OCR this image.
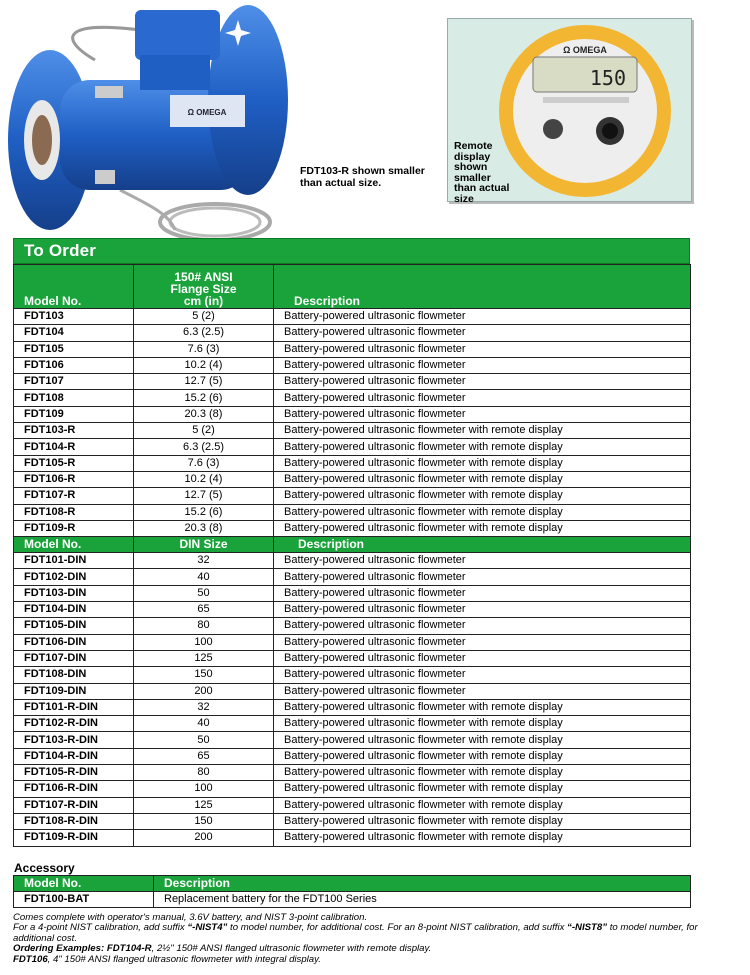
Ω OMEGA
FDT103-R shown smaller than actual size.
Ω OMEGA
150
Remote display shown smaller than actual size
To Order
Model No.	150# ANSI
Flange Size
cm (in)	Description
FDT103	5 (2)	Battery-powered ultrasonic flowmeter
FDT104	6.3 (2.5)	Battery-powered ultrasonic flowmeter
FDT105	7.6 (3)	Battery-powered ultrasonic flowmeter
FDT106	10.2 (4)	Battery-powered ultrasonic flowmeter
FDT107	12.7 (5)	Battery-powered ultrasonic flowmeter
FDT108	15.2 (6)	Battery-powered ultrasonic flowmeter
FDT109	20.3 (8)	Battery-powered ultrasonic flowmeter
FDT103-R	5 (2)	Battery-powered ultrasonic flowmeter with remote display
FDT104-R	6.3 (2.5)	Battery-powered ultrasonic flowmeter with remote display
FDT105-R	7.6 (3)	Battery-powered ultrasonic flowmeter with remote display
FDT106-R	10.2 (4)	Battery-powered ultrasonic flowmeter with remote display
FDT107-R	12.7 (5)	Battery-powered ultrasonic flowmeter with remote display
FDT108-R	15.2 (6)	Battery-powered ultrasonic flowmeter with remote display
FDT109-R	20.3 (8)	Battery-powered ultrasonic flowmeter with remote display
Model No.	DIN Size	Description
FDT101-DIN	32	Battery-powered ultrasonic flowmeter
FDT102-DIN	40	Battery-powered ultrasonic flowmeter
FDT103-DIN	50	Battery-powered ultrasonic flowmeter
FDT104-DIN	65	Battery-powered ultrasonic flowmeter
FDT105-DIN	80	Battery-powered ultrasonic flowmeter
FDT106-DIN	100	Battery-powered ultrasonic flowmeter
FDT107-DIN	125	Battery-powered ultrasonic flowmeter
FDT108-DIN	150	Battery-powered ultrasonic flowmeter
FDT109-DIN	200	Battery-powered ultrasonic flowmeter
FDT101-R-DIN	32	Battery-powered ultrasonic flowmeter with remote display
FDT102-R-DIN	40	Battery-powered ultrasonic flowmeter with remote display
FDT103-R-DIN	50	Battery-powered ultrasonic flowmeter with remote display
FDT104-R-DIN	65	Battery-powered ultrasonic flowmeter with remote display
FDT105-R-DIN	80	Battery-powered ultrasonic flowmeter with remote display
FDT106-R-DIN	100	Battery-powered ultrasonic flowmeter with remote display
FDT107-R-DIN	125	Battery-powered ultrasonic flowmeter with remote display
FDT108-R-DIN	150	Battery-powered ultrasonic flowmeter with remote display
FDT109-R-DIN	200	Battery-powered ultrasonic flowmeter with remote display
Accessory
Model No.	Description
FDT100-BAT	Replacement battery for the FDT100 Series
Comes complete with operator's manual, 3.6V battery, and NIST 3-point calibration.
For a 4-point NIST calibration, add suffix “-NIST4” to model number, for additional cost. For an 8-point NIST calibration, add suffix “-NIST8” to model number, for additional cost.
Ordering Examples: FDT104-R, 2½" 150# ANSI flanged ultrasonic flowmeter with remote display.
FDT106, 4" 150# ANSI flanged ultrasonic flowmeter with integral display.
